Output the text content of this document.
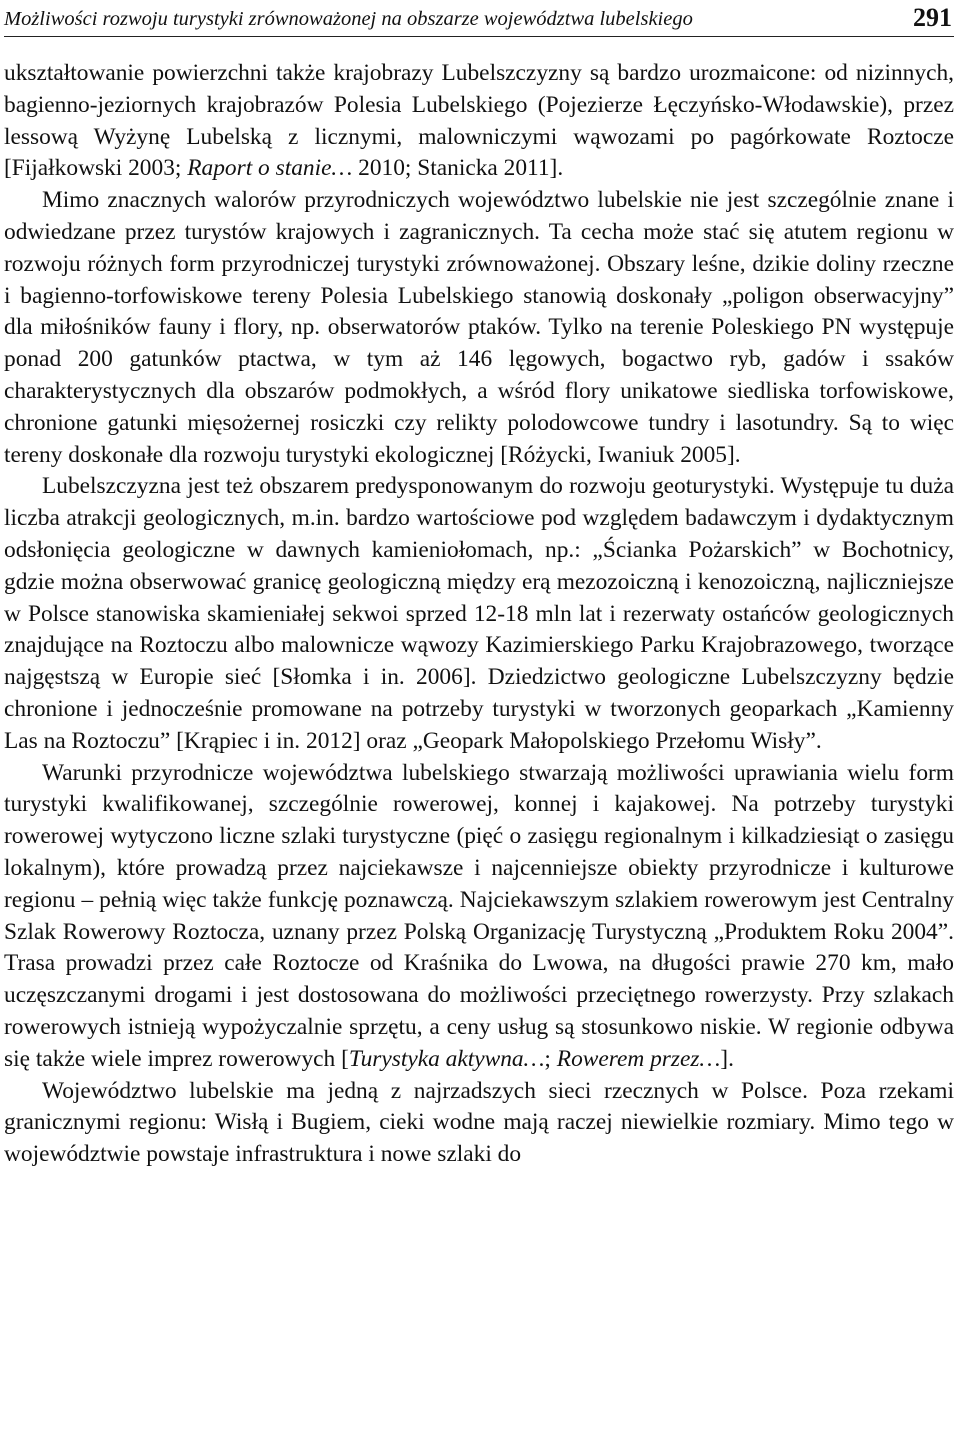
Możliwości rozwoju turystyki zrównoważonej na obszarze województwa lubelskiego	291

ukształtowanie powierzchni także krajobrazy Lubelszczyzny są bardzo urozmaicone: od nizinnych, bagienno-jeziornych krajobrazów Polesia Lubelskiego (Pojezierze Łęczyńsko-Włodawskie), przez lessową Wyżynę Lubelską z licznymi, malowniczymi wąwozami po pagórkowate Roztocze [Fijałkowski 2003; Raport o stanie… 2010; Stanicka 2011].

Mimo znacznych walorów przyrodniczych województwo lubelskie nie jest szczególnie znane i odwiedzane przez turystów krajowych i zagranicznych. Ta cecha może stać się atutem regionu w rozwoju różnych form przyrodniczej turystyki zrównoważonej. Obszary leśne, dzikie doliny rzeczne i bagienno-torfowiskowe tereny Polesia Lubelskiego stanowią doskonały „poligon obserwacyjny” dla miłośników fauny i flory, np. obserwatorów ptaków. Tylko na terenie Poleskiego PN występuje ponad 200 gatunków ptactwa, w tym aż 146 lęgowych, bogactwo ryb, gadów i ssaków charakterystycznych dla obszarów podmokłych, a wśród flory unikatowe siedliska torfowiskowe, chronione gatunki mięsożernej rosiczki czy relikty polodowcowe tundry i lasotundry. Są to więc tereny doskonałe dla rozwoju turystyki ekologicznej [Różycki, Iwaniuk 2005].

Lubelszczyzna jest też obszarem predysponowanym do rozwoju geoturystyki. Występuje tu duża liczba atrakcji geologicznych, m.in. bardzo wartościowe pod względem badawczym i dydaktycznym odsłonięcia geologiczne w dawnych kamieniołomach, np.: „Ścianka Pożarskich” w Bochotnicy, gdzie można obserwować granicę geologiczną między erą mezozoiczną i kenozoiczną, najliczniejsze w Polsce stanowiska skamieniałej sekwoi sprzed 12-18 mln lat i rezerwaty ostańców geologicznych znajdujące na Roztoczu albo malownicze wąwozy Kazimierskiego Parku Krajobrazowego, tworzące najgęstszą w Europie sieć [Słomka i in. 2006]. Dziedzictwo geologiczne Lubelszczyzny będzie chronione i jednocześnie promowane na potrzeby turystyki w tworzonych geoparkach „Kamienny Las na Roztoczu” [Krąpiec i in. 2012] oraz „Geopark Małopolskiego Przełomu Wisły”.

Warunki przyrodnicze województwa lubelskiego stwarzają możliwości uprawiania wielu form turystyki kwalifikowanej, szczególnie rowerowej, konnej i kajakowej. Na potrzeby turystyki rowerowej wytyczono liczne szlaki turystyczne (pięć o zasięgu regionalnym i kilkadziesiąt o zasięgu lokalnym), które prowadzą przez najciekawsze i najcenniejsze obiekty przyrodnicze i kulturowe regionu – pełnią więc także funkcję poznawczą. Najciekawszym szlakiem rowerowym jest Centralny Szlak Rowerowy Roztocza, uznany przez Polską Organizację Turystyczną „Produktem Roku 2004”. Trasa prowadzi przez całe Roztocze od Kraśnika do Lwowa, na długości prawie 270 km, mało uczęszczanymi drogami i jest dostosowana do możliwości przeciętnego rowerzysty. Przy szlakach rowerowych istnieją wypożyczalnie sprzętu, a ceny usług są stosunkowo niskie. W regionie odbywa się także wiele imprez rowerowych [Turystyka aktywna…; Rowerem przez…].

Województwo lubelskie ma jedną z najrzadszych sieci rzecznych w Polsce. Poza rzekami granicznymi regionu: Wisłą i Bugiem, cieki wodne mają raczej niewielkie rozmiary. Mimo tego w województwie powstaje infrastruktura i nowe szlaki do
